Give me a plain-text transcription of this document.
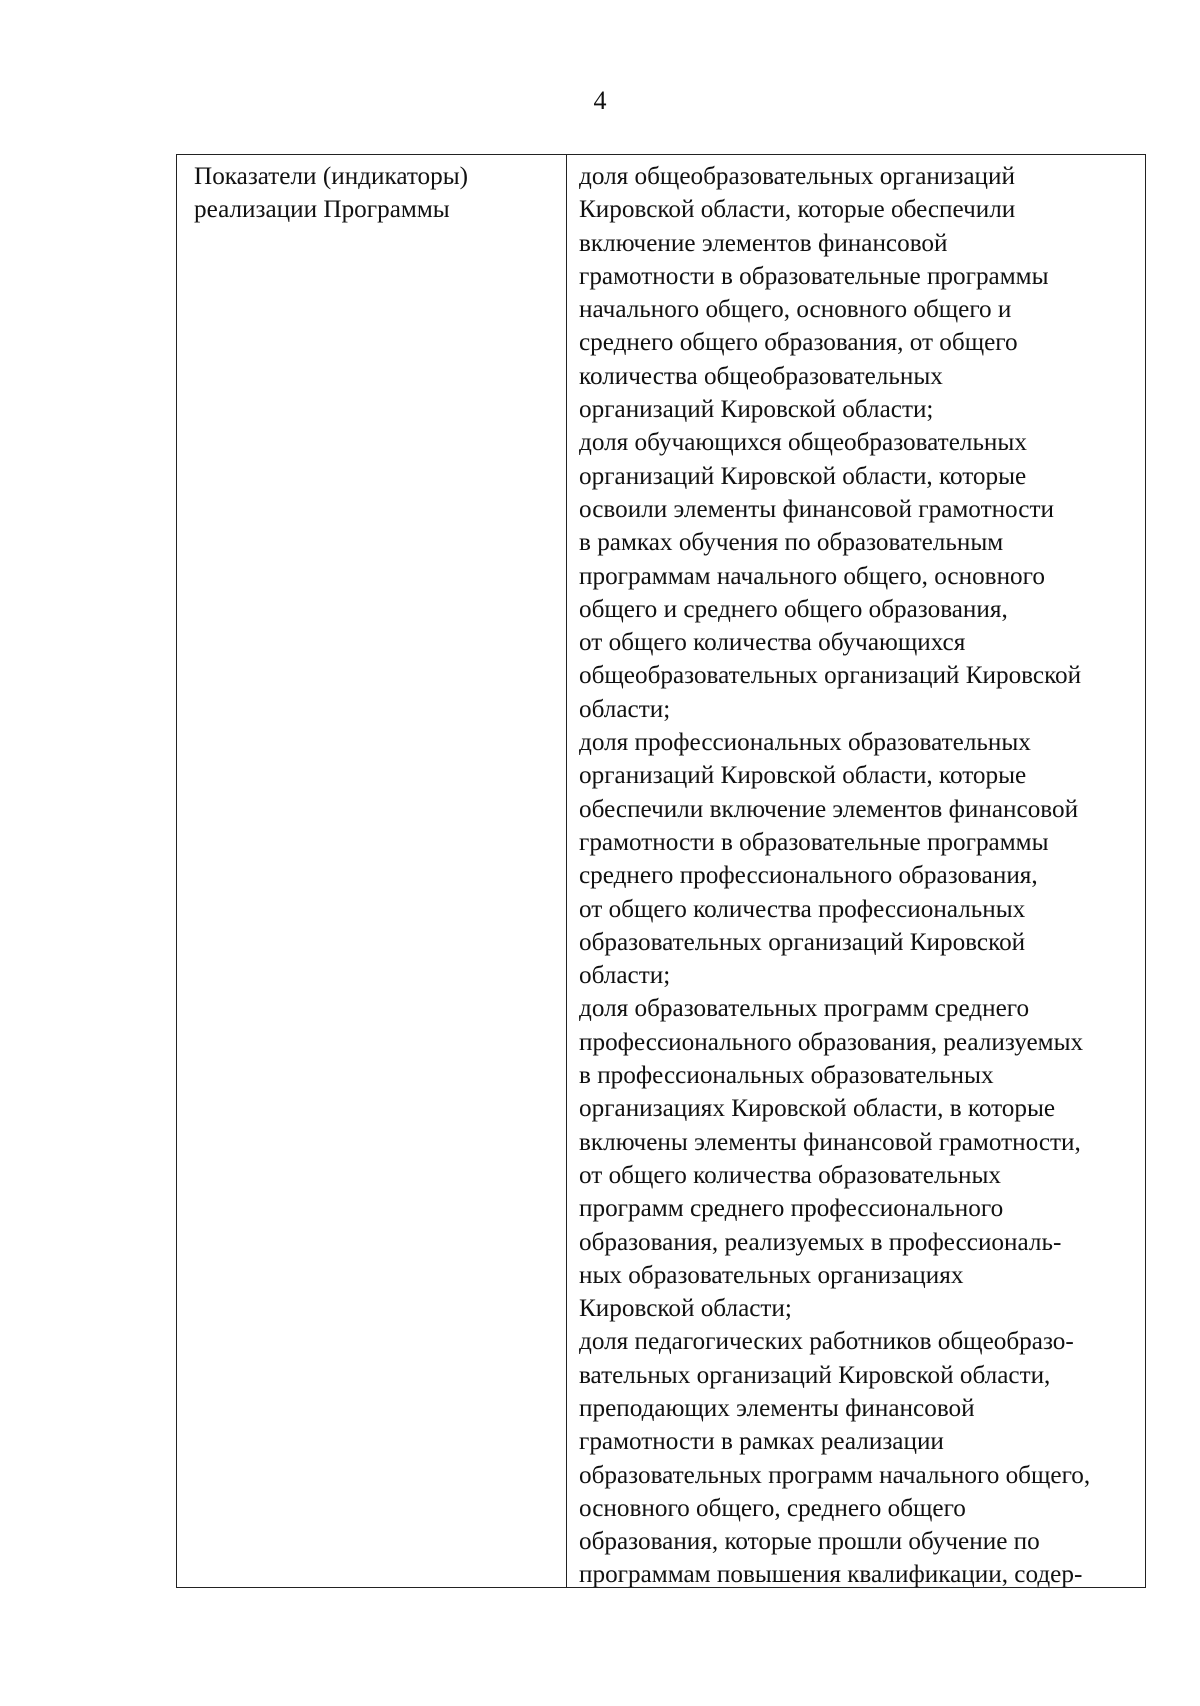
4
Показатели (индикаторы)
реализации Программы
доля общеобразовательных организаций
Кировской области, которые обеспечили
включение элементов финансовой
грамотности в образовательные программы
начального общего, основного общего и
среднего общего образования, от общего
количества общеобразовательных
организаций Кировской области;
доля обучающихся общеобразовательных
организаций Кировской области, которые
освоили элементы финансовой грамотности
в рамках обучения по образовательным
программам начального общего, основного
общего и среднего общего образования,
от общего количества обучающихся
общеобразовательных организаций Кировской
области;
доля профессиональных образовательных
организаций Кировской области, которые
обеспечили включение элементов финансовой
грамотности в образовательные программы
среднего профессионального образования,
от общего количества профессиональных
образовательных организаций Кировской
области;
доля образовательных программ среднего
профессионального образования, реализуемых
в профессиональных образовательных
организациях Кировской области, в которые
включены элементы финансовой грамотности,
от общего количества образовательных
программ среднего профессионального
образования, реализуемых в профессиональ-
ных образовательных организациях
Кировской области;
доля педагогических работников общеобразо-
вательных организаций Кировской области,
преподающих элементы финансовой
грамотности в рамках реализации
образовательных программ начального общего,
основного общего, среднего общего
образования, которые прошли обучение по
программам повышения квалификации, содер-
